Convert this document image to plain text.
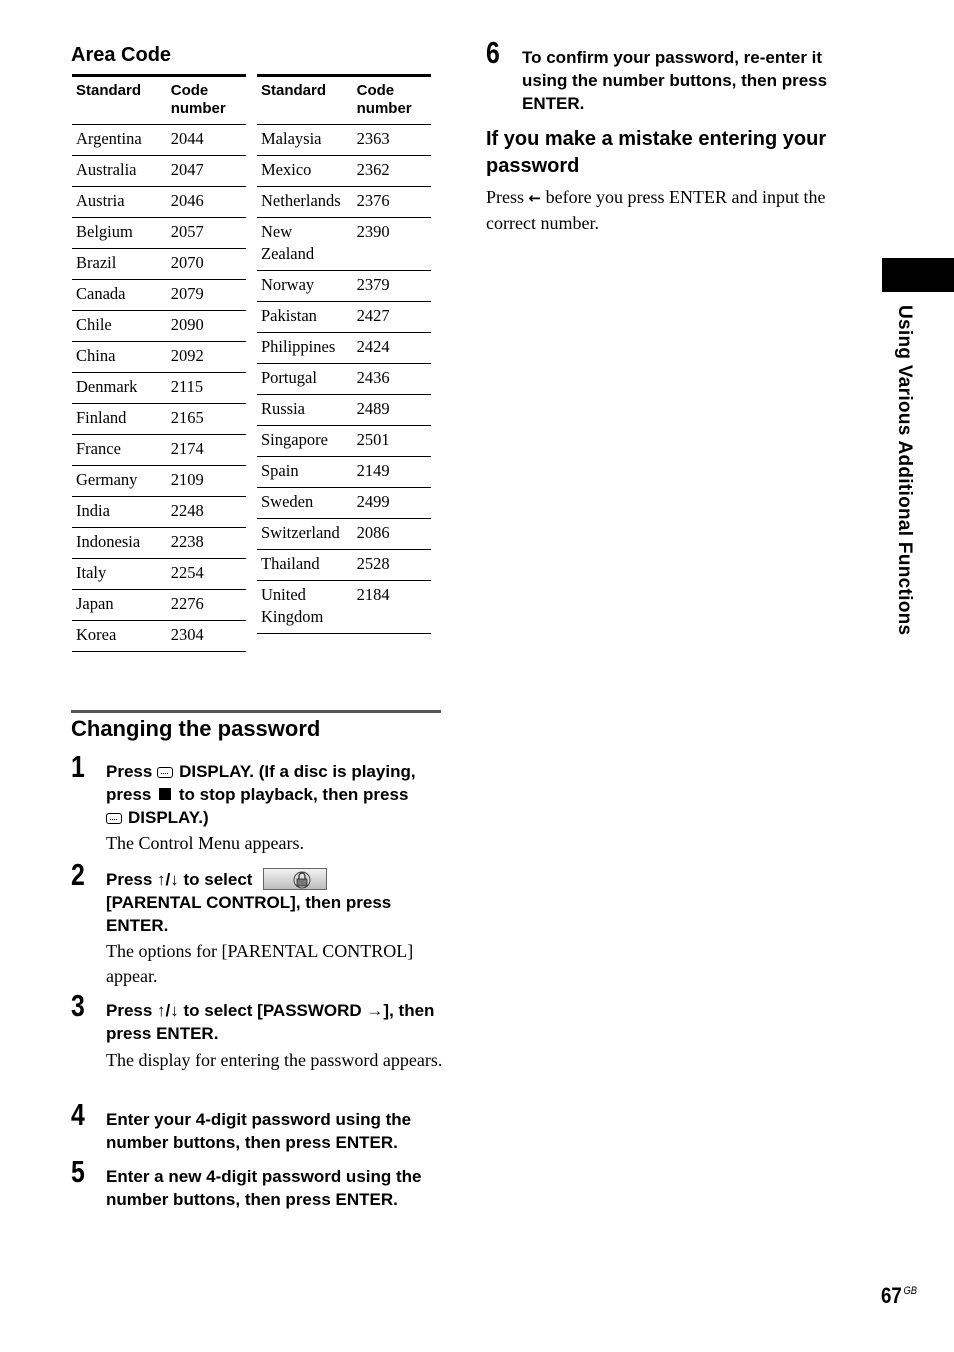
Area Code
Standard	Code number
Argentina	2044
Australia	2047
Austria	2046
Belgium	2057
Brazil	2070
Canada	2079
Chile	2090
China	2092
Denmark	2115
Finland	2165
France	2174
Germany	2109
India	2248
Indonesia	2238
Italy	2254
Japan	2276
Korea	2304
Standard	Code number
Malaysia	2363
Mexico	2362
Netherlands	2376
New Zealand	2390
Norway	2379
Pakistan	2427
Philippines	2424
Portugal	2436
Russia	2489
Singapore	2501
Spain	2149
Sweden	2499
Switzerland	2086
Thailand	2528
United Kingdom	2184
Changing the password
1 Press DISPLAY. (If a disc is playing, press to stop playback, then press
DISPLAY.)

The Control Menu appears.

2 Press ↑/↓ to select

[PARENTAL CONTROL], then press ENTER.

The options for [PARENTAL CONTROL] appear.

3 Press ↑/↓ to select [PASSWORD →], then press ENTER.

The display for entering the password appears.

4 Enter your 4-digit password using the number buttons, then press ENTER.

5 Enter a new 4-digit password using the number buttons, then press ENTER.

6 To confirm your password, re-enter it using the number buttons, then press ENTER.

If you make a mistake entering your password

Press ← before you press ENTER and input the correct number.

Using Various Additional Functions
67 $^{GB}$
